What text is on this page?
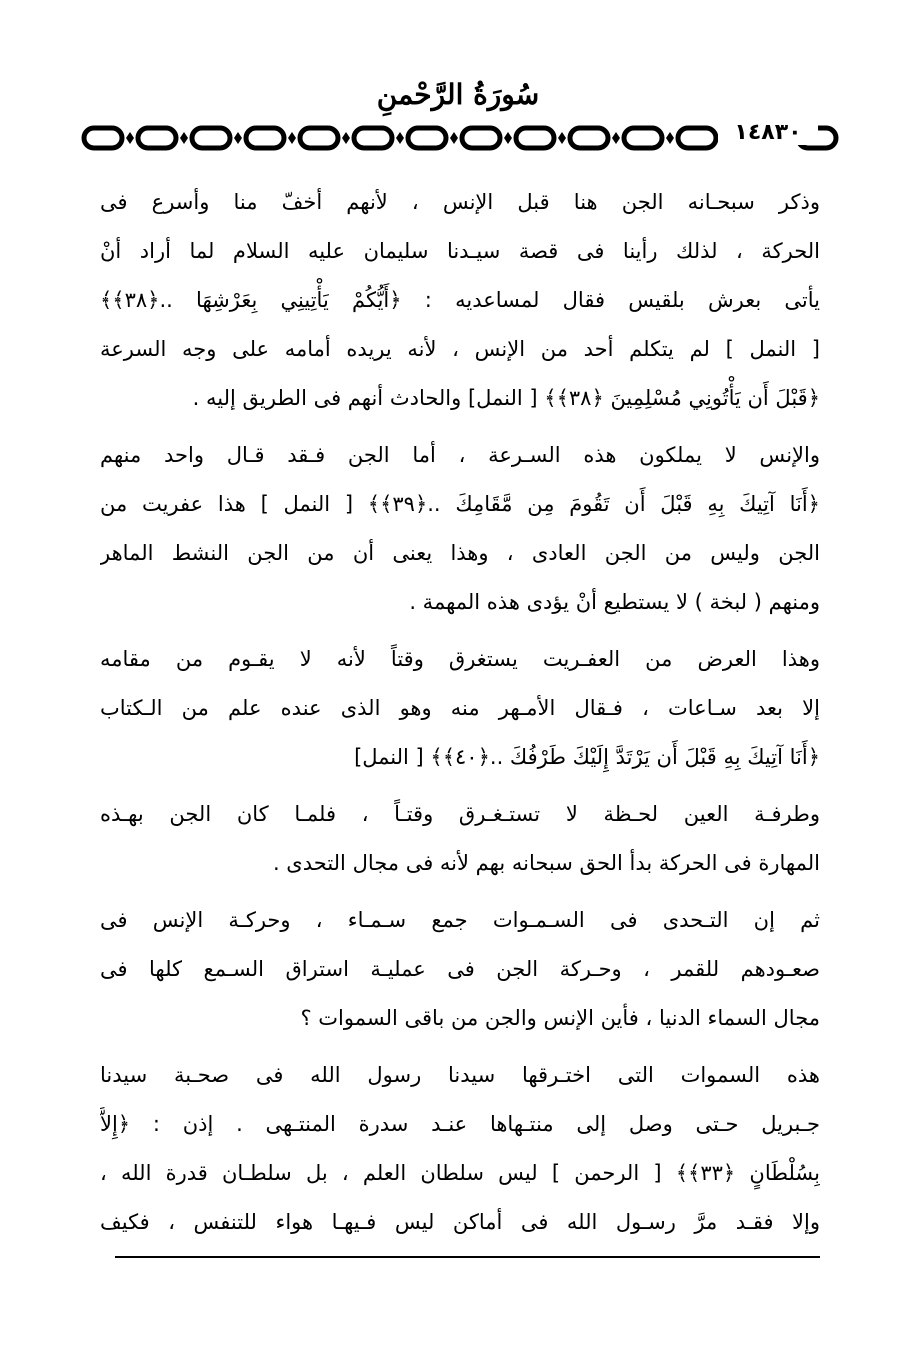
سُورَةُ الرَّحْمنِ
١٤٨٣٠
وذكر سبحـانه الجن هنا قبل الإنس ، لأنهم أخفّ منا وأسرع فى
الحركة ، لذلك رأينا فى قصة سيـدنا سليمان عليه السلام لما أراد أنْ
يأتى بعرش بلقيس فقال لمساعديه : ﴿أَيُّكُمْ يَأْتِينِي بِعَرْشِهَا ..﴿٣٨﴾﴾
[ النمل ] لم يتكلم أحد من الإنس ، لأنه يريده أمامه على وجه السرعة
﴿قَبْلَ أَن يَأْتُونِي مُسْلِمِينَ ﴿٣٨﴾﴾ [ النمل] والحادث أنهم فى الطريق إليه .
والإنس لا يملكون هذه السـرعة ، أما الجن فـقد قـال واحد منهم
﴿أَنَا آتِيكَ بِهِ قَبْلَ أَن تَقُومَ مِن مَّقَامِكَ ..﴿٣٩﴾﴾ [ النمل ] هذا عفريت من
الجن وليس من الجن العادى ، وهذا يعنى أن من الجن النشط الماهر
ومنهم ( لبخة ) لا يستطيع أنْ يؤدى هذه المهمة .
وهذا العرض من العفـريت يستغرق وقتاً لأنه لا يقـوم من مقامه
إلا بعد سـاعات ، فـقال الأمـهر منه وهو الذى عنده علم من الـكتاب
﴿أَنَا آتِيكَ بِهِ قَبْلَ أَن يَرْتَدَّ إِلَيْكَ طَرْفُكَ ..﴿٤٠﴾﴾ [ النمل]
وطرفـة العين لحـظة لا تستـغـرق وقتـاً ، فلمـا كان الجن بهـذه
المهارة فى الحركة بدأ الحق سبحانه بهم لأنه فى مجال التحدى .
ثم إن التـحدى فى السـمـوات جمع سـمـاء ، وحركـة الإنس فى
صعـودهم للقمر ، وحـركة الجن فى عمليـة استراق السـمع كلها فى
مجال السماء الدنيا ، فأين الإنس والجن من باقى السموات ؟
هذه السموات التى اختـرقها سيدنا رسول الله فى صحـبة سيدنا
جـبريل حـتى وصل إلى منتـهاها عنـد سدرة المنتـهى . إذن : ﴿إِلاَّ
بِسُلْطَانٍ ﴿٣٣﴾﴾ [ الرحمن ] ليس سلطان العلم ، بل سلطـان قدرة الله ،
وإلا فقـد مرَّ رسـول الله فى أماكن ليس فـيهـا هواء للتنفس ، فكيف
